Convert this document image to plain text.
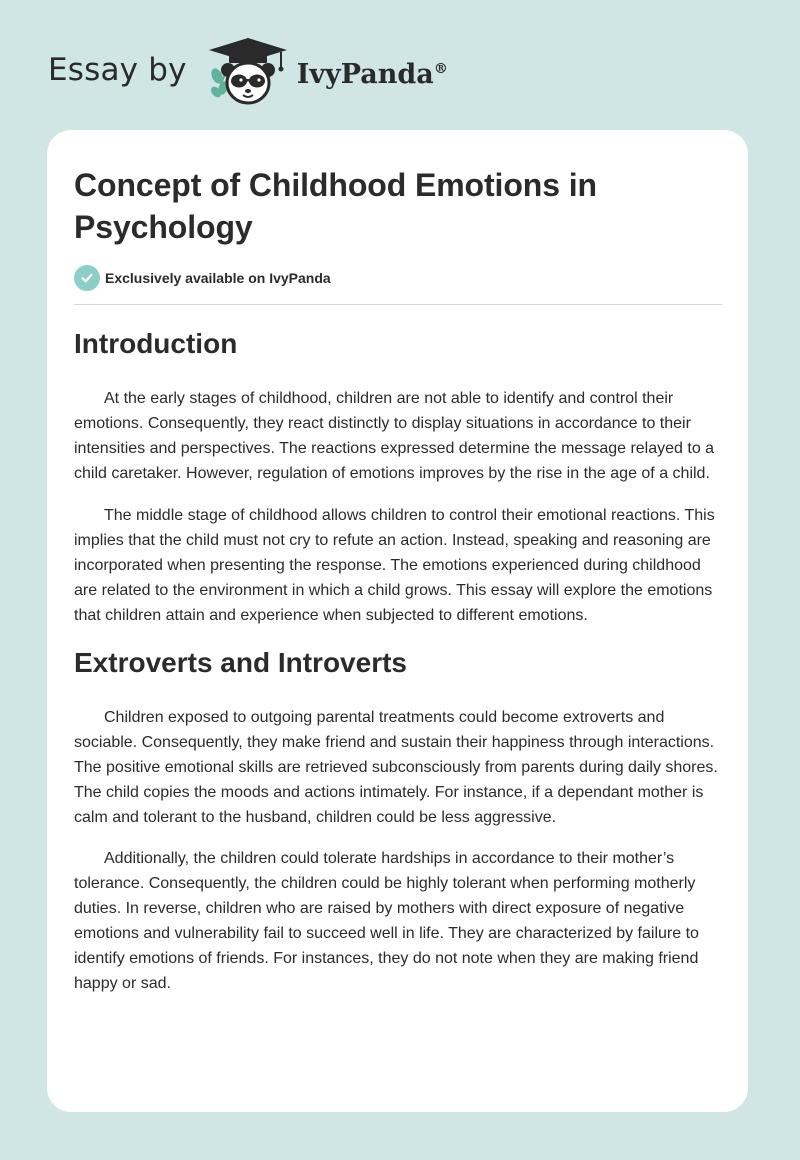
Essay by	IvyPanda®
Concept of Childhood Emotions in Psychology
Exclusively available on IvyPanda
Introduction

At the early stages of childhood, children are not able to identify and control their emotions. Consequently, they react distinctly to display situations in accordance to their intensities and perspectives. The reactions expressed determine the message relayed to a child caretaker. However, regulation of emotions improves by the rise in the age of a child.

The middle stage of childhood allows children to control their emotional reactions. This implies that the child must not cry to refute an action. Instead, speaking and reasoning are incorporated when presenting the response. The emotions experienced during childhood are related to the environment in which a child grows. This essay will explore the emotions that children attain and experience when subjected to different emotions.

Extroverts and Introverts

Children exposed to outgoing parental treatments could become extroverts and sociable. Consequently, they make friend and sustain their happiness through interactions. The positive emotional skills are retrieved subconsciously from parents during daily shores. The child copies the moods and actions intimately. For instance, if a dependant mother is calm and tolerant to the husband, children could be less aggressive.

Additionally, the children could tolerate hardships in accordance to their mother’s tolerance. Consequently, the children could be highly tolerant when performing motherly duties. In reverse, children who are raised by mothers with direct exposure of negative emotions and vulnerability fail to succeed well in life. They are characterized by failure to identify emotions of friends. For instances, they do not note when they are making friend happy or sad.
